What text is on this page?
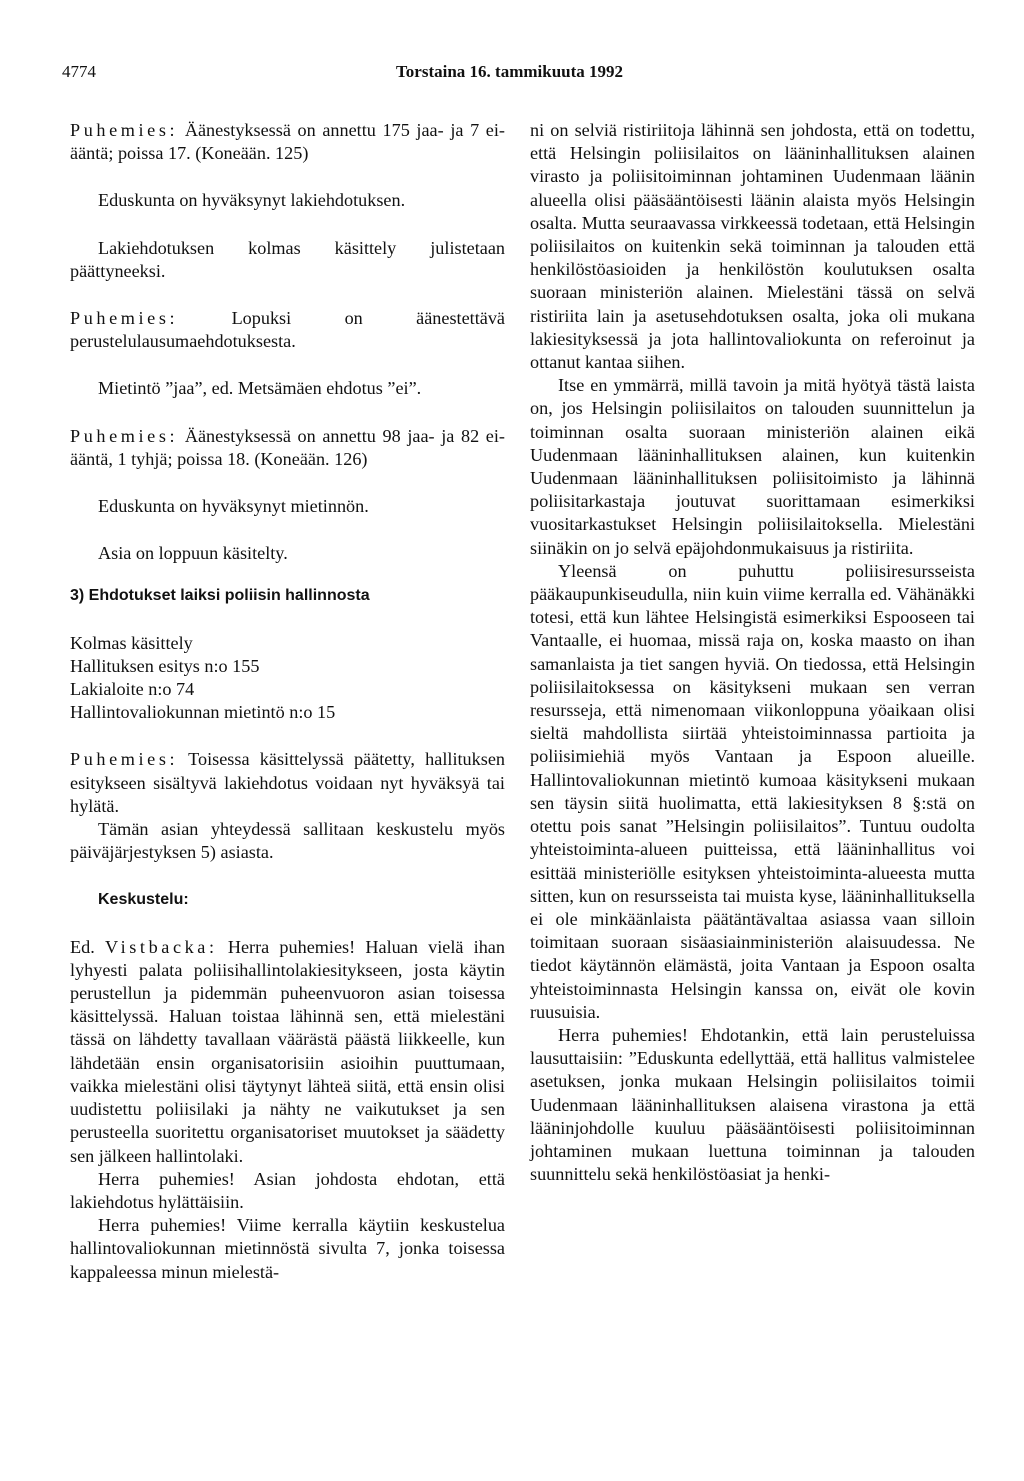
4774	Torstaina 16. tammikuuta 1992

Puhemies: Äänestyksessä on annettu 175 jaa- ja 7 ei-ääntä; poissa 17. (Koneään. 125)

Eduskunta on hyväksynyt lakiehdotuksen.

Lakiehdotuksen kolmas käsittely julistetaan päättyneeksi.

Puhemies: Lopuksi on äänestettävä perustelulausumaehdotuksesta.

Mietintö ”jaa”, ed. Metsämäen ehdotus ”ei”.

Puhemies: Äänestyksessä on annettu 98 jaa- ja 82 ei-ääntä, 1 tyhjä; poissa 18. (Koneään. 126)

Eduskunta on hyväksynyt mietinnön.

Asia on loppuun käsitelty.

3) Ehdotukset laiksi poliisin hallinnosta

Kolmas käsittely
Hallituksen esitys n:o 155
Lakialoite n:o 74
Hallintovaliokunnan mietintö n:o 15

Puhemies: Toisessa käsittelyssä päätetty, hallituksen esitykseen sisältyvä lakiehdotus voidaan nyt hyväksyä tai hylätä.

Tämän asian yhteydessä sallitaan keskustelu myös päiväjärjestyksen 5) asiasta.

Keskustelu:

Ed. Vistbacka: Herra puhemies! Haluan vielä ihan lyhyesti palata poliisihallintolakiesitykseen, josta käytin perustellun ja pidemmän puheenvuoron asian toisessa käsittelyssä. Haluan toistaa lähinnä sen, että mielestäni tässä on lähdetty tavallaan väärästä päästä liikkeelle, kun lähdetään ensin organisatorisiin asioihin puuttumaan, vaikka mielestäni olisi täytynyt lähteä siitä, että ensin olisi uudistettu poliisilaki ja nähty ne vaikutukset ja sen perusteella suoritettu organisatoriset muutokset ja säädetty sen jälkeen hallintolaki.

Herra puhemies! Asian johdosta ehdotan, että lakiehdotus hylättäisiin.

Herra puhemies! Viime kerralla käytiin keskustelua hallintovaliokunnan mietinnöstä sivulta 7, jonka toisessa kappaleessa minun mielestä-

ni on selviä ristiriitoja lähinnä sen johdosta, että on todettu, että Helsingin poliisilaitos on lääninhallituksen alainen virasto ja poliisitoiminnan johtaminen Uudenmaan läänin alueella olisi pääsääntöisesti läänin alaista myös Helsingin osalta. Mutta seuraavassa virkkeessä todetaan, että Helsingin poliisilaitos on kuitenkin sekä toiminnan ja talouden että henkilöstöasioiden ja henkilöstön koulutuksen osalta suoraan ministeriön alainen. Mielestäni tässä on selvä ristiriita lain ja asetusehdotuksen osalta, joka oli mukana lakiesityksessä ja jota hallintovaliokunta on referoinut ja ottanut kantaa siihen.

Itse en ymmärrä, millä tavoin ja mitä hyötyä tästä laista on, jos Helsingin poliisilaitos on talouden suunnittelun ja toiminnan osalta suoraan ministeriön alainen eikä Uudenmaan lääninhallituksen alainen, kun kuitenkin Uudenmaan lääninhallituksen poliisitoimisto ja lähinnä poliisitarkastaja joutuvat suorittamaan esimerkiksi vuositarkastukset Helsingin poliisilaitoksella. Mielestäni siinäkin on jo selvä epäjohdonmukaisuus ja ristiriita.

Yleensä on puhuttu poliisiresursseista pääkaupunkiseudulla, niin kuin viime kerralla ed. Vähänäkki totesi, että kun lähtee Helsingistä esimerkiksi Espooseen tai Vantaalle, ei huomaa, missä raja on, koska maasto on ihan samanlaista ja tiet sangen hyviä. On tiedossa, että Helsingin poliisilaitoksessa on käsitykseni mukaan sen verran resursseja, että nimenomaan viikonloppuna yöaikaan olisi sieltä mahdollista siirtää yhteistoiminnassa partioita ja poliisimiehiä myös Vantaan ja Espoon alueille. Hallintovaliokunnan mietintö kumoaa käsitykseni mukaan sen täysin siitä huolimatta, että lakiesityksen 8 §:stä on otettu pois sanat ”Helsingin poliisilaitos”. Tuntuu oudolta yhteistoiminta-alueen puitteissa, että lääninhallitus voi esittää ministeriölle esityksen yhteistoiminta-alueesta mutta sitten, kun on resursseista tai muista kyse, lääninhallituksella ei ole minkäänlaista päätäntävaltaa asiassa vaan silloin toimitaan suoraan sisäasiainministeriön alaisuudessa. Ne tiedot käytännön elämästä, joita Vantaan ja Espoon osalta yhteistoiminnasta Helsingin kanssa on, eivät ole kovin ruusuisia.

Herra puhemies! Ehdotankin, että lain perusteluissa lausuttaisiin: ”Eduskunta edellyttää, että hallitus valmistelee asetuksen, jonka mukaan Helsingin poliisilaitos toimii Uudenmaan lääninhallituksen alaisena virastona ja että lääninjohdolle kuuluu pääsääntöisesti poliisitoiminnan johtaminen mukaan luettuna toiminnan ja talouden suunnittelu sekä henkilöstöasiat ja henki-
